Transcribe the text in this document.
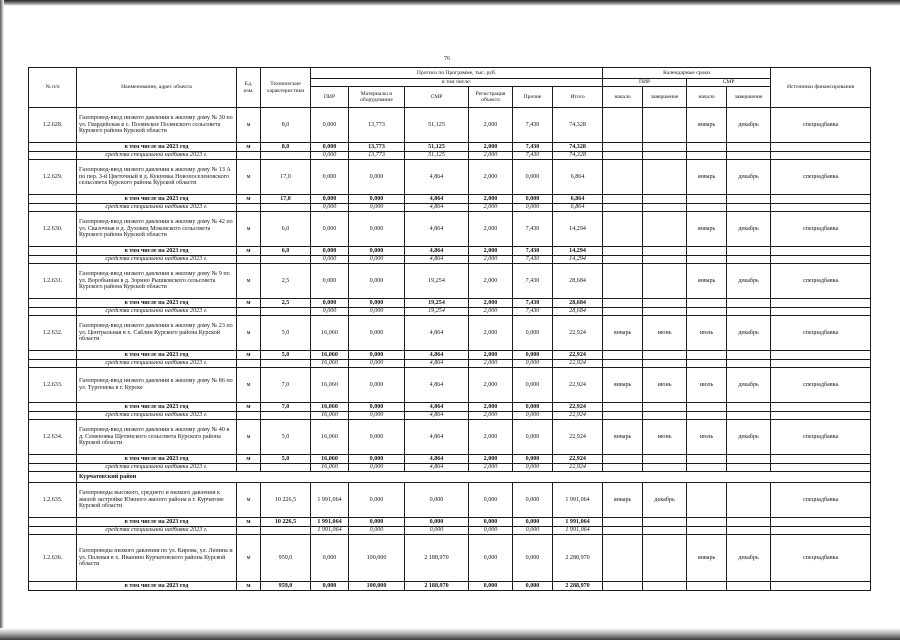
76
№ п/п	Наименование, адрес объекта	Ед. изм.	Технические характеристики	Прогноз по Программе, тыс. руб.						Календарные сроки				Источники финансирования
				в том числе:						ПИР		СМР		
				ПИР	Материалы и оборудование	СМР	Регистрация объекта	Прочие	Итого					
										начало	завершение	начало	завершение	
1.2.628.	Газопровод-ввод низкого давления к жилому дому № 30 по ул. Гвардейская в с. Полянское Полянского сельсовета Курского района Курской области	м	8,0	0,000	13,773	51,125	2,000	7,430	74,328			январь	декабрь	спецнадбавка
	в том числе на 2023 год	м	8,0	0,000	13,773	51,125	2,000	7,430	74,328					
	средства специальной надбавки 2023 г.			0,000	13,773	51,125	2,000	7,430	74,328					
1.2.629.	Газопровод-ввод низкого давления к жилому дому № 13 А по пер. 3-й Цветочный в д. Кукуевка Новопоселеновского сельсовета Курского района Курской области	м	17,0	0,000	0,000	4,864	2,000	0,000	6,864			январь	декабрь	спецнадбавка
	в том числе на 2023 год	м	17,0	0,000	0,000	4,864	2,000	0,000	6,864					
	средства специальной надбавки 2023 г.			0,000	0,000	4,864	2,000	0,000	6,864					
1.2.630.	Газопровод-ввод низкого давления к жилому дому № 42 по ул. Сказочная в д. Духовец Моковского сельсовета Курского района Курской области	м	6,0	0,000	0,000	4,864	2,000	7,430	14,294			январь	декабрь	спецнадбавка
	в том числе на 2023 год	м	6,0	0,000	0,000	4,864	2,000	7,430	14,294					
	средства специальной надбавки 2023 г.			0,000	0,000	4,864	2,000	7,430	14,294					
1.2.631.	Газопровод-ввод низкого давления к жилому дому № 9 по ул. Воробьиная в д. Зорино Рышковского сельсовета Курского района Курской области	м	2,5	0,000	0,000	19,254	2,000	7,430	28,684			январь	декабрь	спецнадбавка
	в том числе на 2023 год	м	2,5	0,000	0,000	19,254	2,000	7,430	28,684					
	средства специальной надбавки 2023 г.			0,000	0,000	19,254	2,000	7,430	28,684					
1.2.632.	Газопровод-ввод низкого давления к жилому дому № 23 по ул. Центральная в х. Саблин Курского района Курской области	м	5,0	16,060	0,000	4,864	2,000	0,000	22,924	январь	июнь	июль	декабрь	спецнадбавка
	в том числе на 2023 год	м	5,0	16,060	0,000	4,864	2,000	0,000	22,924					
	средства специальной надбавки 2023 г.			16,060	0,000	4,864	2,000	0,000	22,924					
1.2.633.	Газопровод-ввод низкого давления к жилому дому № 86 по ул. Тургенева в г. Курске	м	7,0	16,060	0,000	4,864	2,000	0,000	22,924	январь	июнь	июль	декабрь	спецнадбавка
	в том числе на 2023 год	м	7,0	16,060	0,000	4,864	2,000	0,000	22,924					
	средства специальной надбавки 2023 г.			16,060	0,000	4,864	2,000	0,000	22,924					
1.2.634.	Газопровод-ввод низкого давления к жилому дому № 40 в д. Семеновка Щетинского сельсовета Курского района Курской области	м	5,0	16,060	0,000	4,864	2,000	0,000	22,924	январь	июнь	июль	декабрь	спецнадбавка
	в том числе на 2023 год	м	5,0	16,060	0,000	4,864	2,000	0,000	22,924					
	средства специальной надбавки 2023 г.			16,060	0,000	4,864	2,000	0,000	22,924					
	Курчатовский район													
1.2.635.	Газопроводы высокого, среднего и низкого давления к жилой застройке Южного жилого района в г. Курчатове Курской области	м	10 226,5	1 991,064	0,000	0,000	0,000	0,000	1 991,064	январь	декабрь			спецнадбавка
	в том числе на 2023 год	м	10 226,5	1 991,064	0,000	0,000	0,000	0,000	1 991,064					
	средства специальной надбавки 2023 г.			1 991,064	0,000	0,000	0,000	0,000	1 991,064					
1.2.636.	Газопроводы низкого давления по ул. Кирова, ул. Ленина и ул. Полевая в х. Иванино Курчатовского района Курской области	м	959,0	0,000	100,000	2 188,970	0,000	0,000	2 288,970			январь	декабрь	спецнадбавка
	в том числе на 2023 год	м	959,0	0,000	100,000	2 188,970	0,000	0,000	2 288,970					
